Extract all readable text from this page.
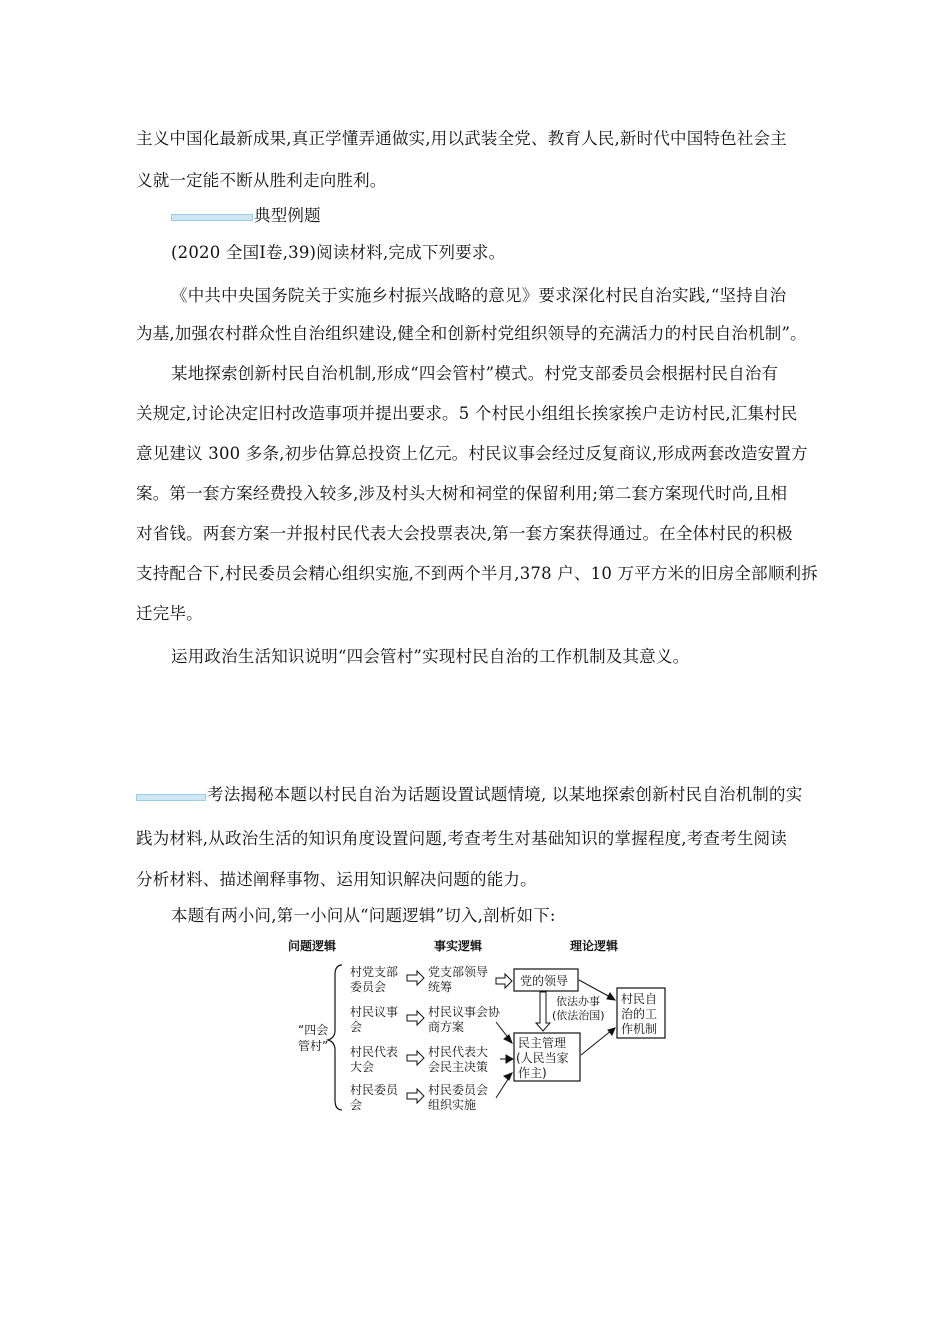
主义中国化最新成果,真正学懂弄通做实,用以武装全党、教育人民,新时代中国特色社会主
义就一定能不断从胜利走向胜利。
典型例题
(2020 全国Ⅰ卷,39)阅读材料,完成下列要求。
《中共中央国务院关于实施乡村振兴战略的意见》要求深化村民自治实践,“坚持自治
为基,加强农村群众性自治组织建设,健全和创新村党组织领导的充满活力的村民自治机制”。
某地探索创新村民自治机制,形成“四会管村”模式。村党支部委员会根据村民自治有
关规定,讨论决定旧村改造事项并提出要求。5 个村民小组组长挨家挨户走访村民,汇集村民
意见建议 300 多条,初步估算总投资上亿元。村民议事会经过反复商议,形成两套改造安置方
案。第一套方案经费投入较多,涉及村头大树和祠堂的保留利用;第二套方案现代时尚,且相
对省钱。两套方案一并报村民代表大会投票表决,第一套方案获得通过。在全体村民的积极
支持配合下,村民委员会精心组织实施,不到两个半月,378 户、10 万平方米的旧房全部顺利拆
迁完毕。
运用政治生活知识说明“四会管村”实现村民自治的工作机制及其意义。
考法揭秘本题以村民自治为话题设置试题情境, 以某地探索创新村民自治机制的实
践为材料,从政治生活的知识角度设置问题,考查考生对基础知识的掌握程度,考查考生阅读
分析材料、描述阐释事物、运用知识解决问题的能力。
本题有两小问,第一小问从“问题逻辑”切入,剖析如下:
问题逻辑	事实逻辑	理论逻辑
“四会
管村”
村党支部
委员会
村民议事
会
村民代表
大会
村民委员
会
党支部领导
统筹
村民议事会协
商方案
村民代表大
会民主决策
村民委员会
组织实施
党的领导
依法办事
(依法治国)
民主管理
(人民当家
作主)
村民自
治的工
作机制
